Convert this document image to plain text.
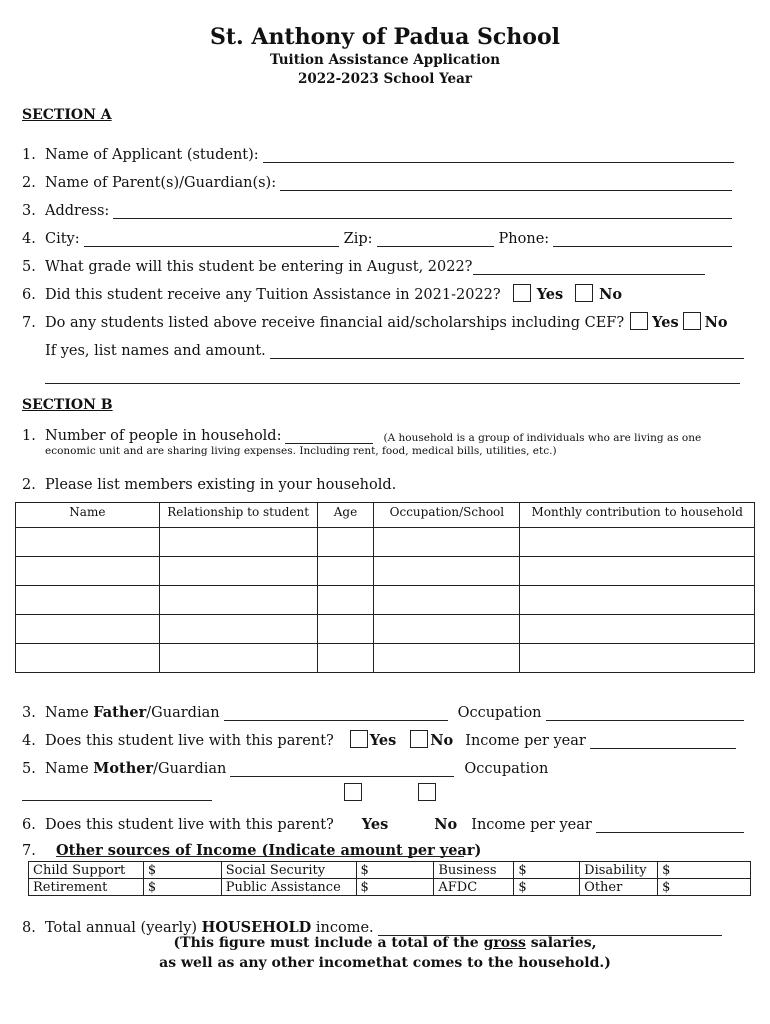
St. Anthony of Padua School
Tuition Assistance Application
2022-2023 School Year
SECTION A
1. Name of Applicant (student):
2. Name of Parent(s)/Guardian(s):
3. Address:
4. City:	Zip:	Phone:
5. What grade will this student be entering in August, 2022?
6. Did this student receive any Tuition Assistance in 2021-2022? Yes No
7. Do any students listed above receive financial aid/scholarships including CEF? Yes No
If yes, list names and amount.
SECTION B
1. Number of people in household:	(A household is a group of individuals who are living as one
economic unit and are sharing living expenses. Including rent, food, medical bills, utilities, etc.)
2. Please list members existing in your household.
Name	Relationship to student	Age	Occupation/School	Monthly contribution to household

3. Name
Father /Guardian	Occupation
4. Does this student live with this parent? Yes No Income per year
5. Name
Mother /Guardian	Occupation
6. Does this student live with this parent? Yes	No Income per year
7.	Other sources of Income (Indicate amount per year)
Child Support	$	Social Security	$	Business	$	Disability	$
Retirement	$	Public Assistance	$	AFDC	$	Other	$
8. Total annual (yearly)
HOUSEHOLD
income.
(This figure must include a total of the gross salaries,
as well as any other incomethat comes to the household.)
